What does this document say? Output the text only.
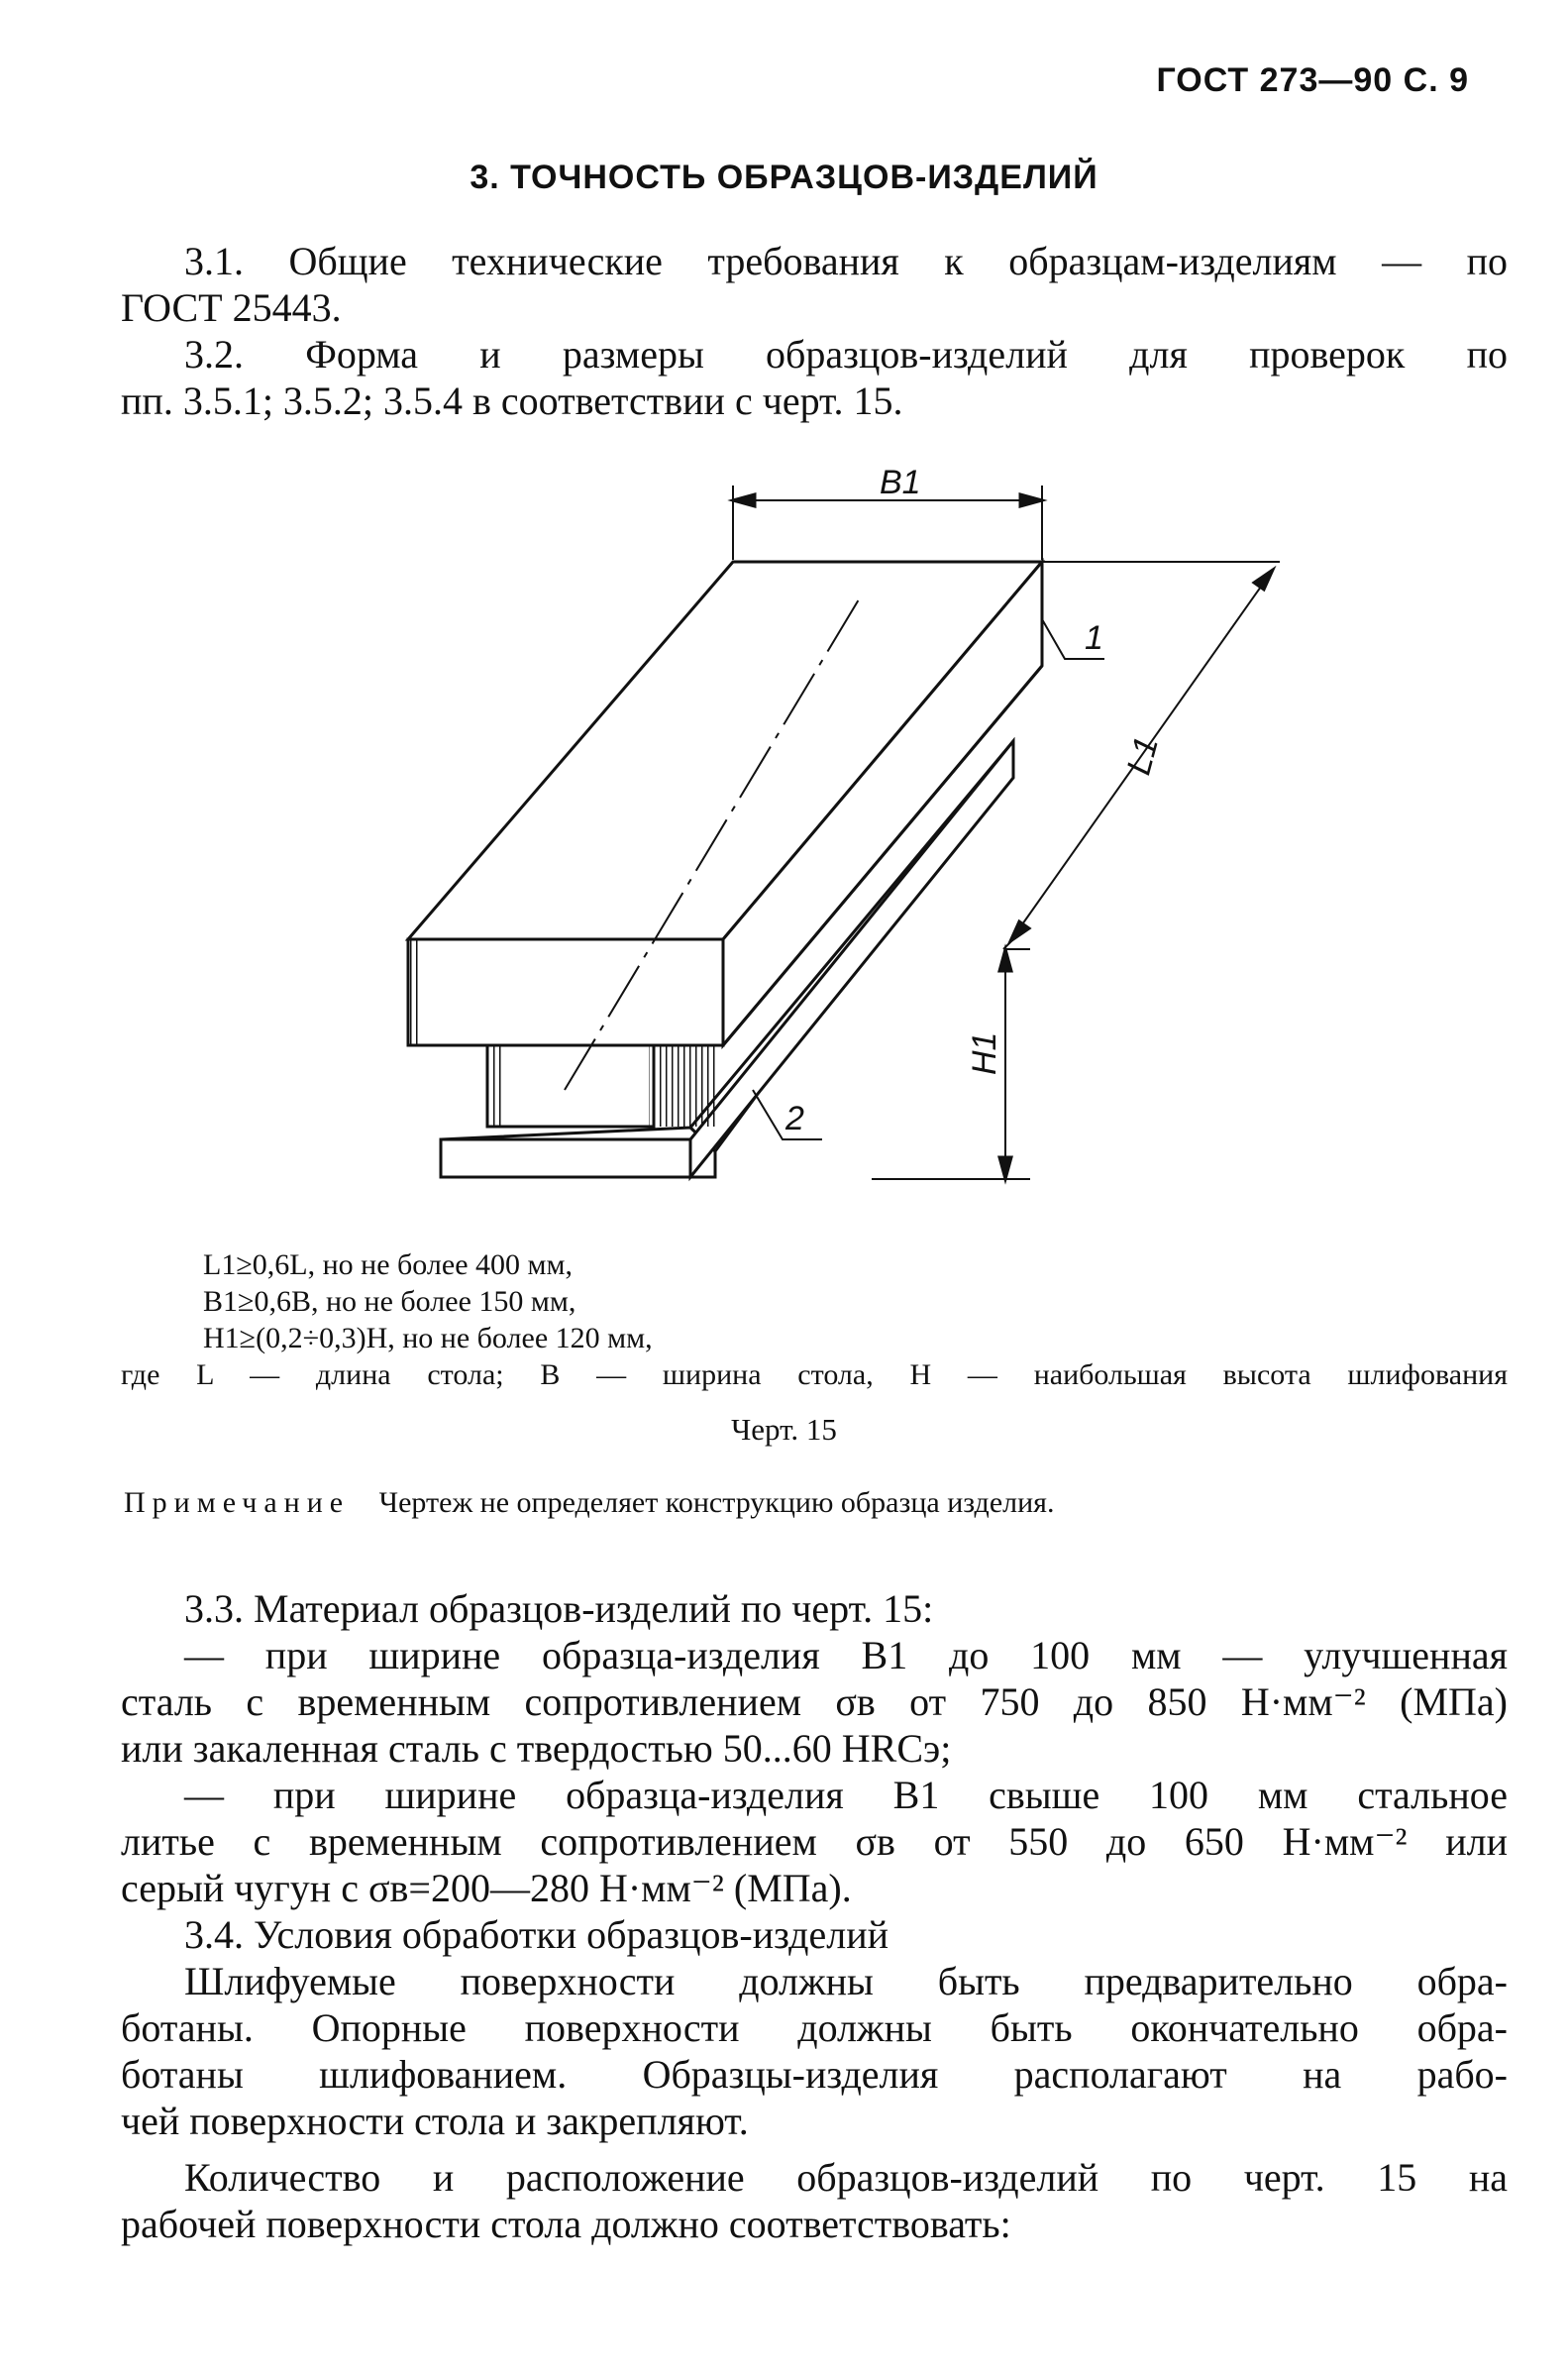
ГОСТ 273—90 С. 9
3. ТОЧНОСТЬ ОБРАЗЦОВ-ИЗДЕЛИЙ
3.1. Общие технические требования к образцам-изделиям — по
ГОСТ 25443.
3.2. Форма и размеры образцов-изделий для проверок по
пп. 3.5.1; 3.5.2; 3.5.4 в соответствии с черт. 15.
B1
1
L1
H1
2
L1≥0,6L, но не более 400 мм,
B1≥0,6B, но не более 150 мм,
H1≥(0,2÷0,3)H, но не более 120 мм,
где L — длина стола; B — ширина стола, H — наибольшая высота шлифования
Черт. 15
Примечание Чертеж не определяет конструкцию образца изделия.
3.3. Материал образцов-изделий по черт. 15:
— при ширине образца-изделия B1 до 100 мм — улучшенная
сталь с временным сопротивлением σв от 750 до 850 Н·мм⁻² (МПа)
или закаленная сталь с твердостью 50...60 HRCэ;
— при ширине образца-изделия B1 свыше 100 мм стальное
литье с временным сопротивлением σв от 550 до 650 Н·мм⁻² или
серый чугун с σв=200—280 Н·мм⁻² (МПа).
3.4. Условия обработки образцов-изделий
Шлифуемые поверхности должны быть предварительно обра-
ботаны. Опорные поверхности должны быть окончательно обра-
ботаны шлифованием. Образцы-изделия располагают на рабо-
чей поверхности стола и закрепляют.
Количество и расположение образцов-изделий по черт. 15 на
рабочей поверхности стола должно соответствовать:
